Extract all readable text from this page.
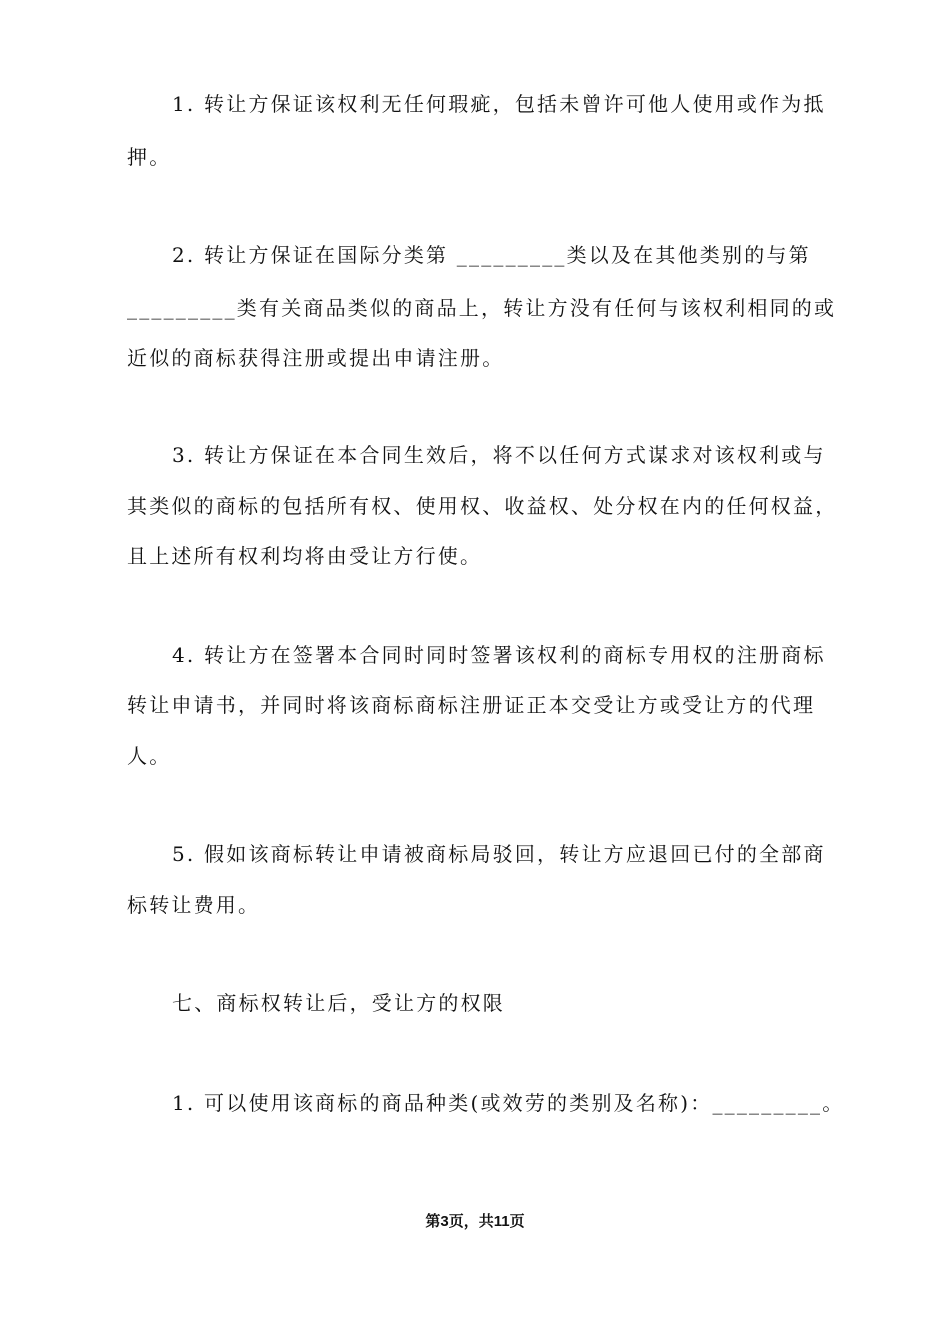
1. 转让方保证该权利无任何瑕疵，包括未曾许可他人使用或作为抵
押。
2. 转让方保证在国际分类第 _________类以及在其他类别的与第
_________类有关商品类似的商品上，转让方没有任何与该权利相同的或
近似的商标获得注册或提出申请注册。
3. 转让方保证在本合同生效后，将不以任何方式谋求对该权利或与
其类似的商标的包括所有权、使用权、收益权、处分权在内的任何权益，
且上述所有权利均将由受让方行使。
4. 转让方在签署本合同时同时签署该权利的商标专用权的注册商标
转让申请书，并同时将该商标商标注册证正本交受让方或受让方的代理
人。
5. 假如该商标转让申请被商标局驳回，转让方应退回已付的全部商
标转让费用。
七、商标权转让后，受让方的权限
1. 可以使用该商标的商品种类(或效劳的类别及名称)：_________。
第3页，共11页
